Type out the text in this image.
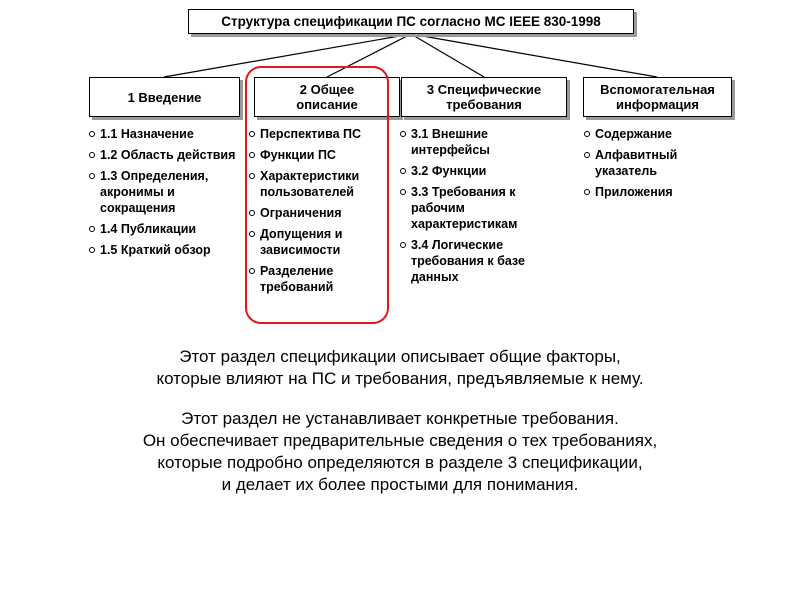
Структура спецификации ПС согласно МС IEEE 830-1998
1 Введение	2 Общее
описание
3 Специфические
требования
Вспомогательная
информация
1.1 Назначение
1.2 Область действия
1.3 Определения, акронимы и сокращения
1.4 Публикации
1.5 Краткий обзор
Перспектива ПС
Функции ПС
Характеристики пользователей
Ограничения
Допущения и зависимости
Разделение требований
3.1 Внешние интерфейсы
3.2 Функции
3.3 Требования к рабочим характеристикам
3.4 Логические требования к базе данных
Содержание
Алфавитный указатель
Приложения
Этот раздел спецификации описывает общие факторы,
которые влияют на ПС и требования, предъявляемые к нему.
Этот раздел не устанавливает конкретные требования.
Он обеспечивает предварительные сведения о тех требованиях,
которые подробно определяются в разделе 3 спецификации,
и делает их более простыми для понимания.
